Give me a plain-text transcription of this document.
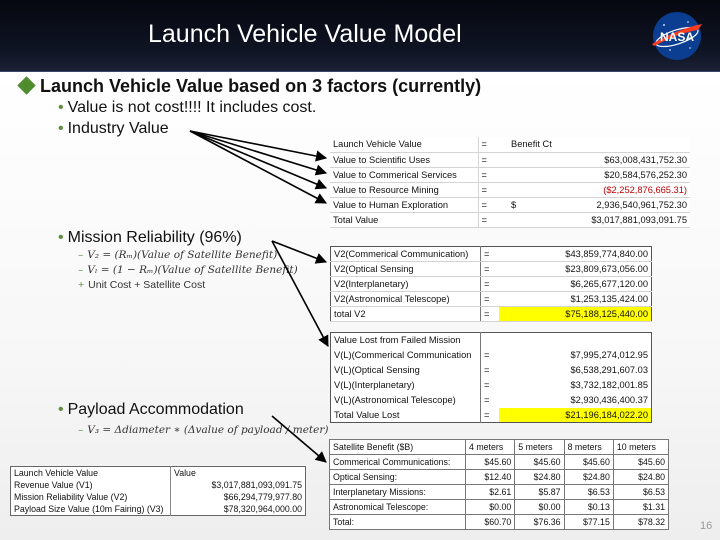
Launch Vehicle Value Model	NASA
Launch Vehicle Value based on 3 factors (currently)
• Value is not cost!!!! It includes cost.
• Industry Value
• Mission Reliability (96%)
– V₂ = (Rₘ)(Value of Satellite Benefit)
– Vₗ = (1 − Rₘ)(Value of Satellite Benefit)
+ Unit Cost + Satellite Cost
• Payload Accommodation
– V₃ = Δdiameter ∗ (Δvalue of payload / meter)
Launch Vehicle Value	=	Benefit Ct	
Value to Scientific Uses	=		$63,008,431,752.30
Value to Commerical Services	=		$20,584,576,252.30
Value to Resource Mining	=		($2,252,876,665.31)
Value to Human Exploration	=	$	2,936,540,961,752.30
Total Value	=		$3,017,881,093,091.75
V2(Commerical Communication)	=	$43,859,774,840.00
V2(Optical Sensing	=	$23,809,673,056.00
V2(Interplanetary)	=	$6,265,677,120.00
V2(Astronomical Telescope)	=	$1,253,135,424.00
total V2	=	$75,188,125,440.00
Value Lost from Failed Mission		
V(L)(Commerical Communication	=	$7,995,274,012.95
V(L)(Optical Sensing	=	$6,538,291,607.03
V(L)(Interplanetary)	=	$3,732,182,001.85
V(L)(Astronomical Telescope)	=	$2,930,436,400.37
Total Value Lost	=	$21,196,184,022.20
Satellite Benefit ($B)	4 meters	5 meters	8 meters	10 meters
Commerical Communications:	$45.60	$45.60	$45.60	$45.60
Optical Sensing:	$12.40	$24.80	$24.80	$24.80
Interplanetary Missions:	$2.61	$5.87	$6.53	$6.53
Astronomical Telescope:	$0.00	$0.00	$0.13	$1.31
Total:	$60.70	$76.36	$77.15	$78.32
Launch Vehicle Value	Value
Revenue Value (V1)	$3,017,881,093,091.75
Mission Reliability Value (V2)	$66,294,779,977.80
Payload Size Value (10m Fairing) (V3)	$78,320,964,000.00
16
